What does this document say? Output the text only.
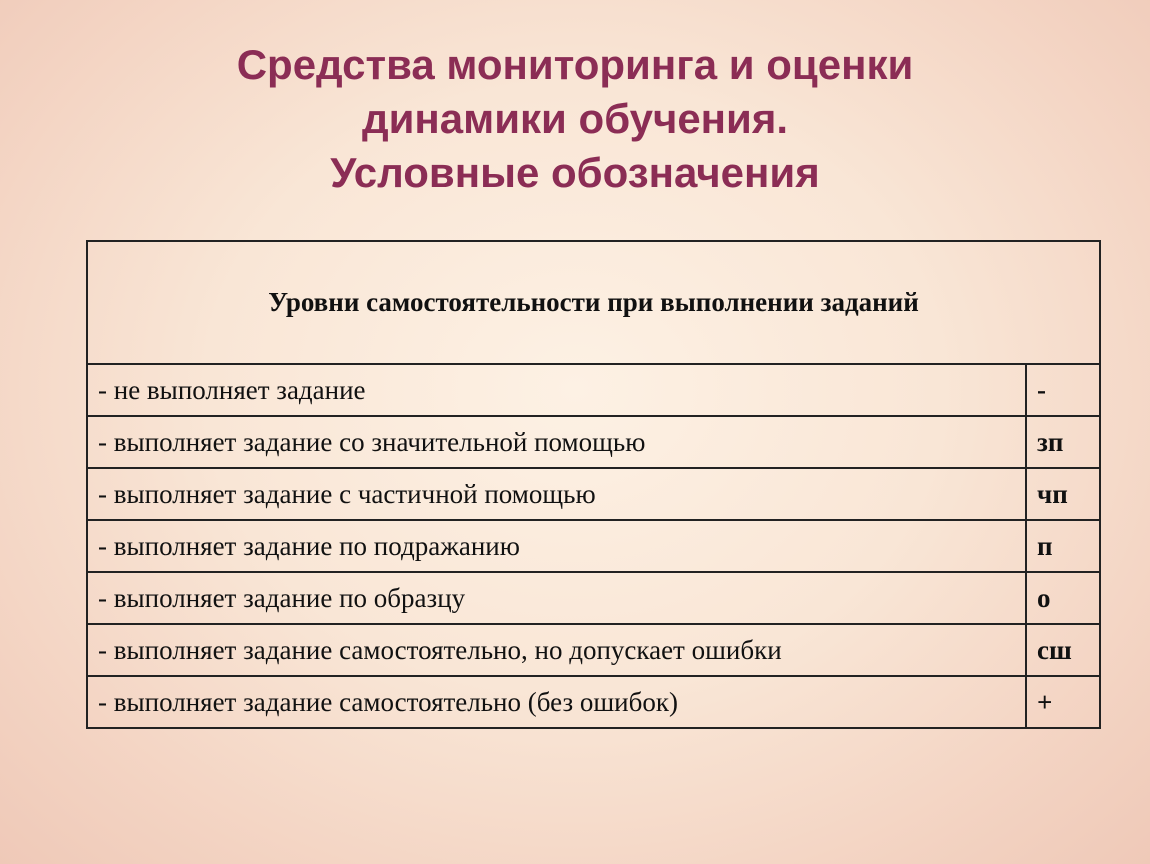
Средства мониторинга и оценки
динамики обучения.
Условные обозначения
Уровни самостоятельности при выполнении заданий	
- не выполняет задание	-
- выполняет задание со значительной помощью	зп
- выполняет задание с частичной помощью	чп
- выполняет задание по подражанию	п
- выполняет задание по образцу	о
- выполняет задание самостоятельно, но допускает ошибки	сш
- выполняет задание самостоятельно (без ошибок)	+
